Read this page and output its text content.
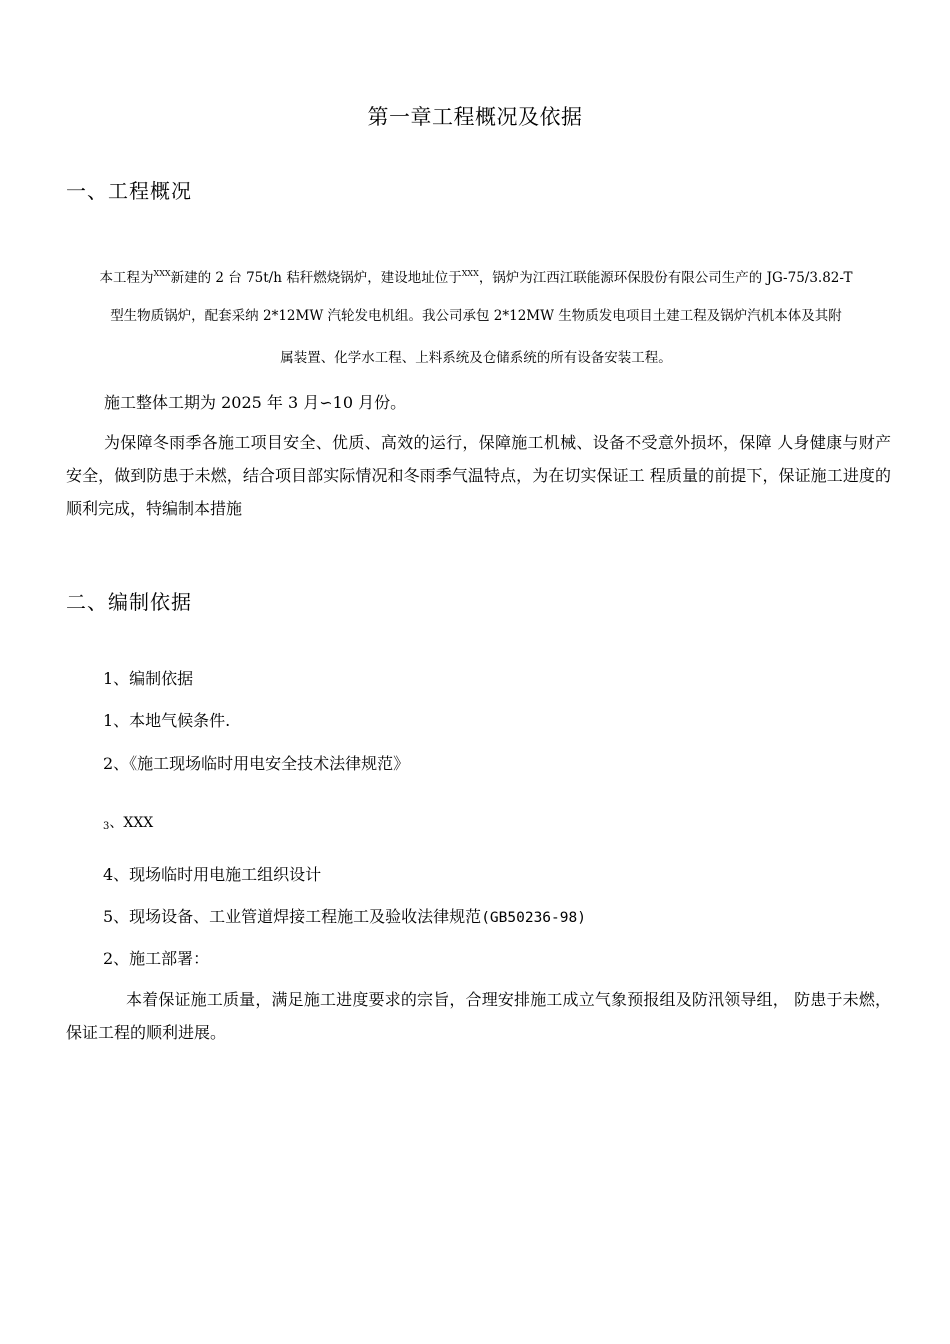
第一章工程概况及依据
一、工程概况
本工程为$^{XXX}$新建的 2 台 75t/h 秸秆燃烧锅炉，建设地址位于$^{XXX}$，锅炉为江西江联能源环保股份有限公司生产的 JG-75/3.82-T
型生物质锅炉，配套采纳 2*12MW 汽轮发电机组。我公司承包 2*12MW 生物质发电项目土建工程及锅炉汽机本体及其附
属装置、化学水工程、上料系统及仓储系统的所有设备安装工程。
施工整体工期为 2025 年 3 月∽10 月份。
为保障冬雨季各施工项目安全、优质、高效的运行，保障施工机械、设备不受意外损坏，保障 人身健康与财产安全，做到防患于未燃，结合项目部实际情况和冬雨季气温特点，为在切实保证工 程质量的前提下，保证施工进度的顺利完成，特编制本措施
二、编制依据
1、编制依据
1、本地气候条件.
2、《施工现场临时用电安全技术法律规范》
3、XXX
4、现场临时用电施工组织设计
5、现场设备、工业管道焊接工程施工及验收法律规范(GB50236-98)
2、施工部署：
本着保证施工质量，满足施工进度要求的宗旨，合理安排施工成立气象预报组及防汛领导组， 防患于未燃，保证工程的顺利进展。
